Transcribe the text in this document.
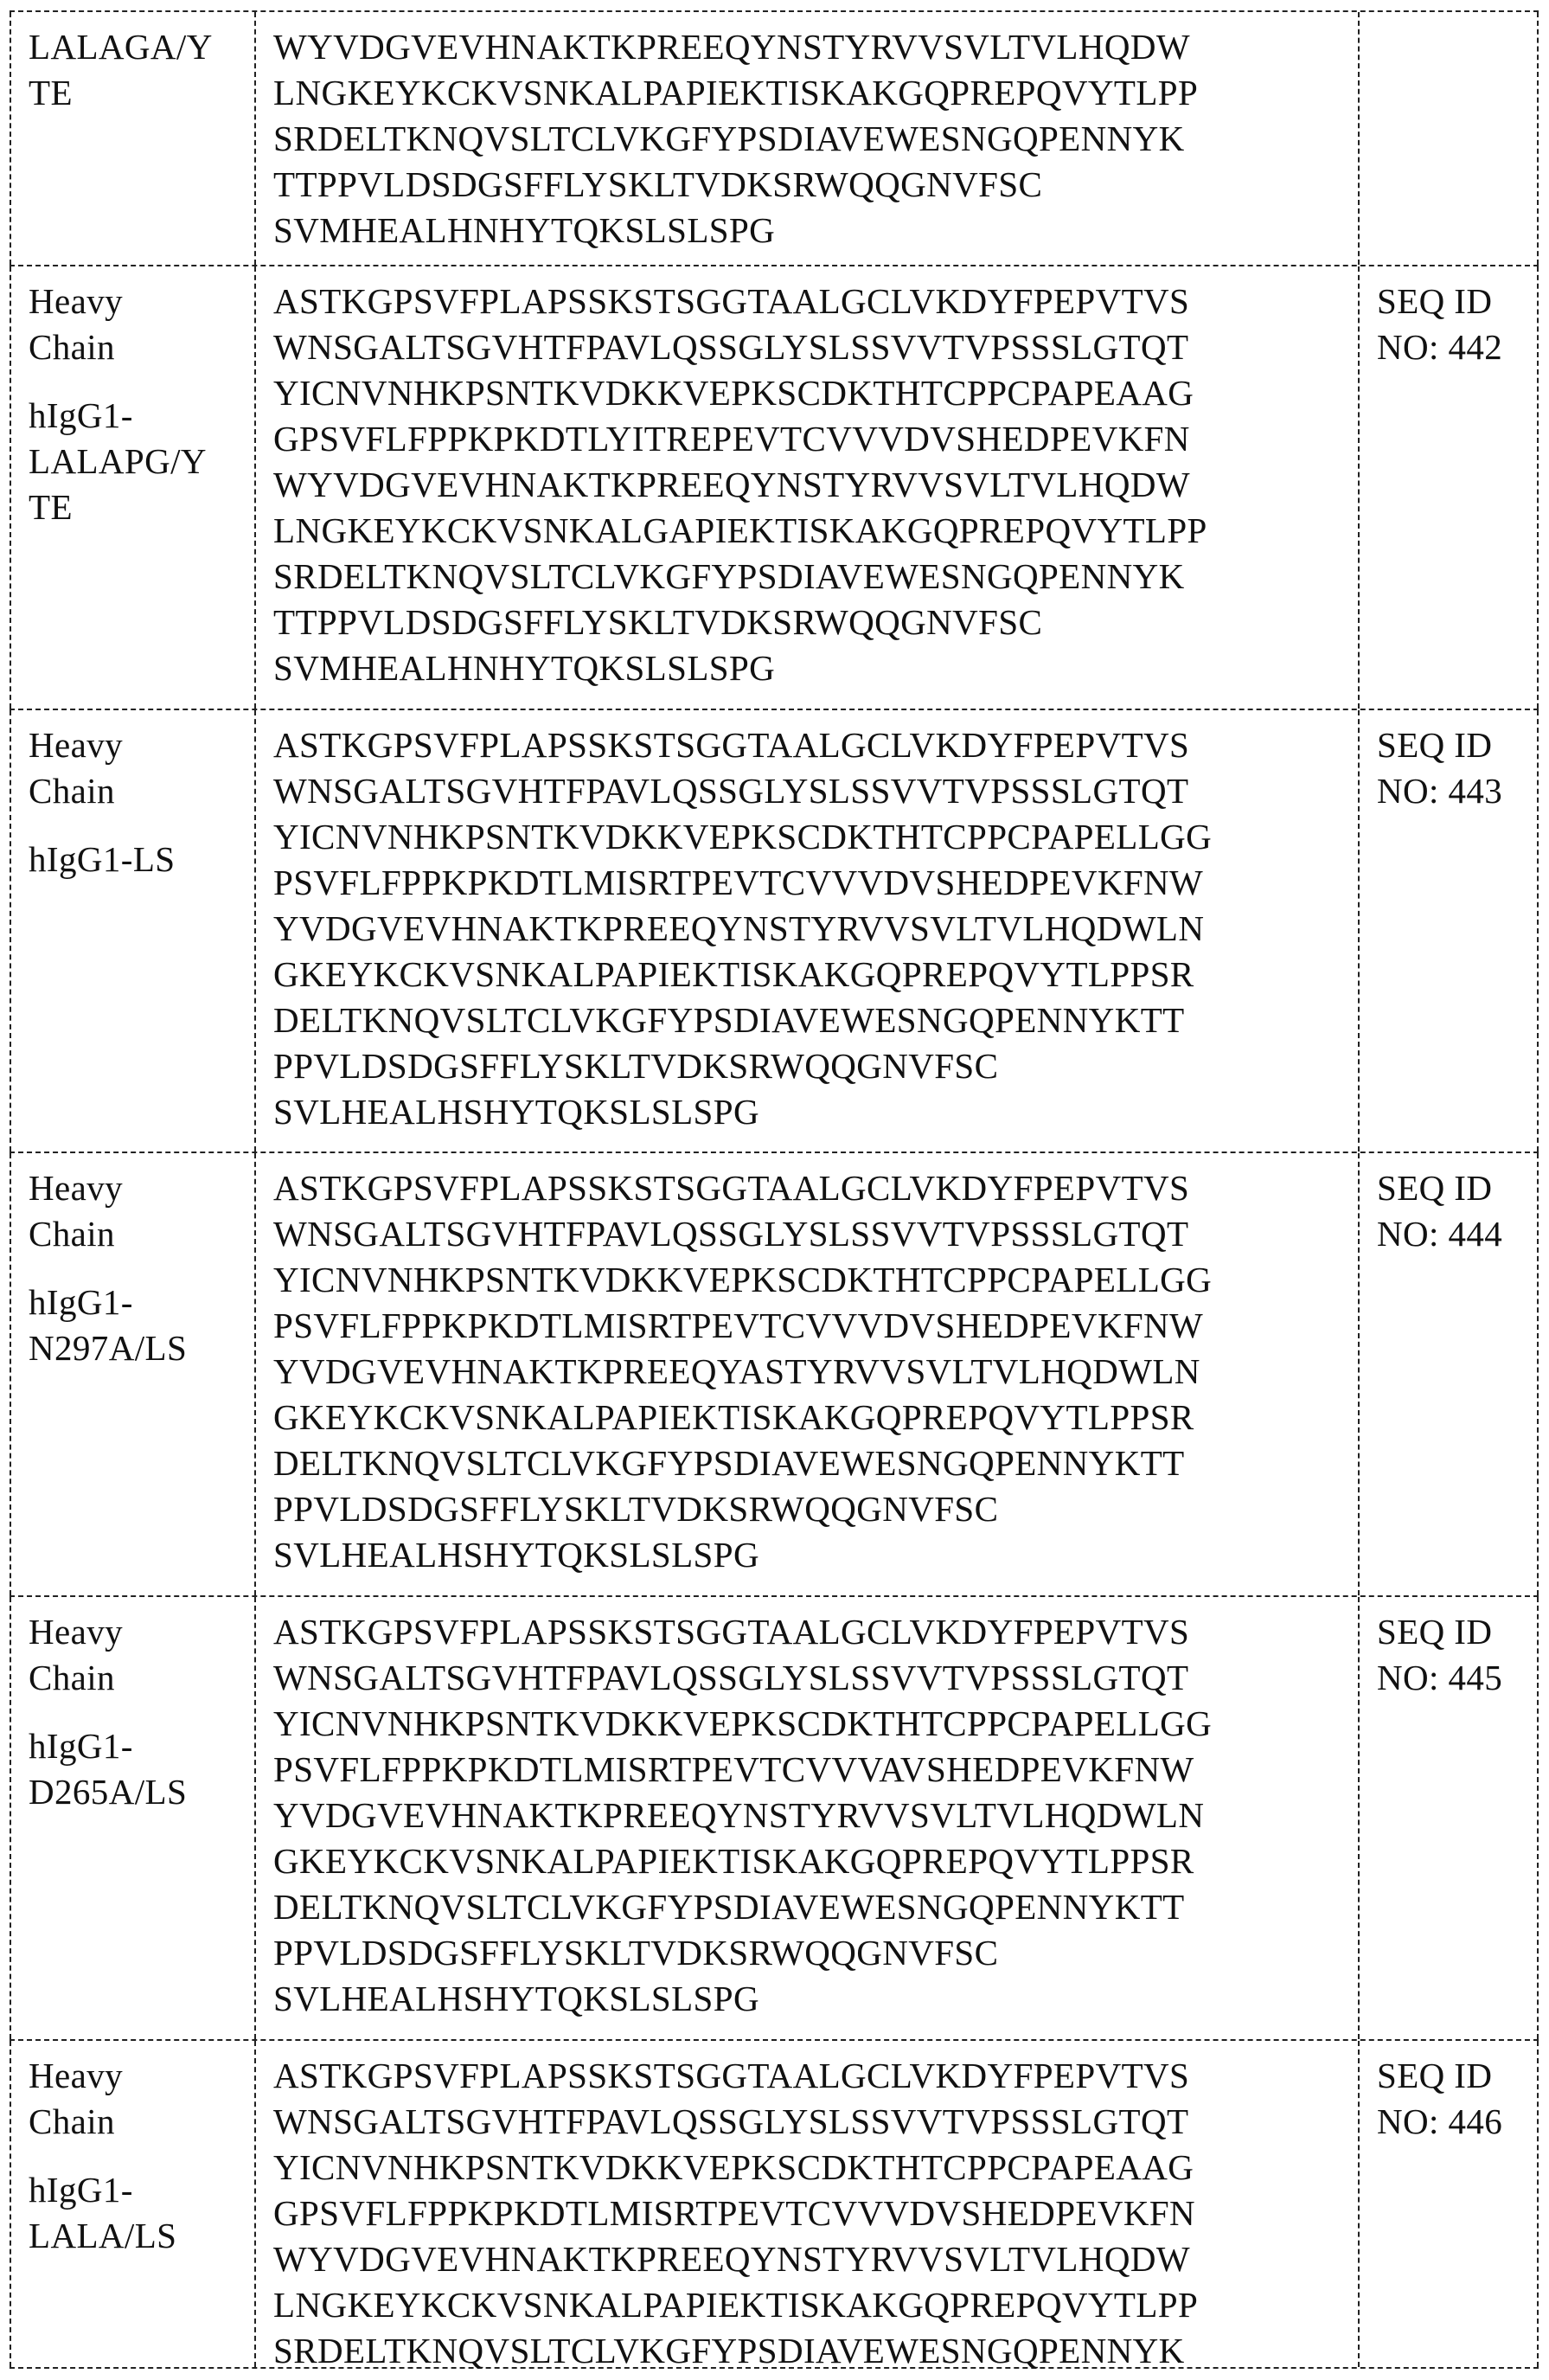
LALAGA/Y
TE
WYVDGVEVHNAKTKPREEQYNSTYRVVSVLTVLHQDW
LNGKEYKCKVSNKALPAPIEKTISKAKGQPREPQVYTLPP
SRDELTKNQVSLTCLVKGFYPSDIAVEWESNGQPENNYK
TTPPVLDSDGSFFLYSKLTVDKSRWQQGNVFSC
SVMHEALHNHYTQKSLSLSPG
Heavy
Chain
hIgG1-
LALAPG/Y
TE
ASTKGPSVFPLAPSSKSTSGGTAALGCLVKDYFPEPVTVS
WNSGALTSGVHTFPAVLQSSGLYSLSSVVTVPSSSLGTQT
YICNVNHKPSNTKVDKKVEPKSCDKTHTCPPCPAPEAAG
GPSVFLFPPKPKDTLYITREPEVTCVVVDVSHEDPEVKFN
WYVDGVEVHNAKTKPREEQYNSTYRVVSVLTVLHQDW
LNGKEYKCKVSNKALGAPIEKTISKAKGQPREPQVYTLPP
SRDELTKNQVSLTCLVKGFYPSDIAVEWESNGQPENNYK
TTPPVLDSDGSFFLYSKLTVDKSRWQQGNVFSC
SVMHEALHNHYTQKSLSLSPG
SEQ ID
NO: 442
Heavy
Chain
hIgG1-LS
ASTKGPSVFPLAPSSKSTSGGTAALGCLVKDYFPEPVTVS
WNSGALTSGVHTFPAVLQSSGLYSLSSVVTVPSSSLGTQT
YICNVNHKPSNTKVDKKVEPKSCDKTHTCPPCPAPELLGG
PSVFLFPPKPKDTLMISRTPEVTCVVVDVSHEDPEVKFNW
YVDGVEVHNAKTKPREEQYNSTYRVVSVLTVLHQDWLN
GKEYKCKVSNKALPAPIEKTISKAKGQPREPQVYTLPPSR
DELTKNQVSLTCLVKGFYPSDIAVEWESNGQPENNYKTT
PPVLDSDGSFFLYSKLTVDKSRWQQGNVFSC
SVLHEALHSHYTQKSLSLSPG
SEQ ID
NO: 443
Heavy
Chain
hIgG1-
N297A/LS
ASTKGPSVFPLAPSSKSTSGGTAALGCLVKDYFPEPVTVS
WNSGALTSGVHTFPAVLQSSGLYSLSSVVTVPSSSLGTQT
YICNVNHKPSNTKVDKKVEPKSCDKTHTCPPCPAPELLGG
PSVFLFPPKPKDTLMISRTPEVTCVVVDVSHEDPEVKFNW
YVDGVEVHNAKTKPREEQYASTYRVVSVLTVLHQDWLN
GKEYKCKVSNKALPAPIEKTISKAKGQPREPQVYTLPPSR
DELTKNQVSLTCLVKGFYPSDIAVEWESNGQPENNYKTT
PPVLDSDGSFFLYSKLTVDKSRWQQGNVFSC
SVLHEALHSHYTQKSLSLSPG
SEQ ID
NO: 444
Heavy
Chain
hIgG1-
D265A/LS
ASTKGPSVFPLAPSSKSTSGGTAALGCLVKDYFPEPVTVS
WNSGALTSGVHTFPAVLQSSGLYSLSSVVTVPSSSLGTQT
YICNVNHKPSNTKVDKKVEPKSCDKTHTCPPCPAPELLGG
PSVFLFPPKPKDTLMISRTPEVTCVVVAVSHEDPEVKFNW
YVDGVEVHNAKTKPREEQYNSTYRVVSVLTVLHQDWLN
GKEYKCKVSNKALPAPIEKTISKAKGQPREPQVYTLPPSR
DELTKNQVSLTCLVKGFYPSDIAVEWESNGQPENNYKTT
PPVLDSDGSFFLYSKLTVDKSRWQQGNVFSC
SVLHEALHSHYTQKSLSLSPG
SEQ ID
NO: 445
Heavy
Chain
hIgG1-
LALA/LS
ASTKGPSVFPLAPSSKSTSGGTAALGCLVKDYFPEPVTVS
WNSGALTSGVHTFPAVLQSSGLYSLSSVVTVPSSSLGTQT
YICNVNHKPSNTKVDKKVEPKSCDKTHTCPPCPAPEAAG
GPSVFLFPPKPKDTLMISRTPEVTCVVVDVSHEDPEVKFN
WYVDGVEVHNAKTKPREEQYNSTYRVVSVLTVLHQDW
LNGKEYKCKVSNKALPAPIEKTISKAKGQPREPQVYTLPP
SRDELTKNQVSLTCLVKGFYPSDIAVEWESNGQPENNYK
SEQ ID
NO: 446
